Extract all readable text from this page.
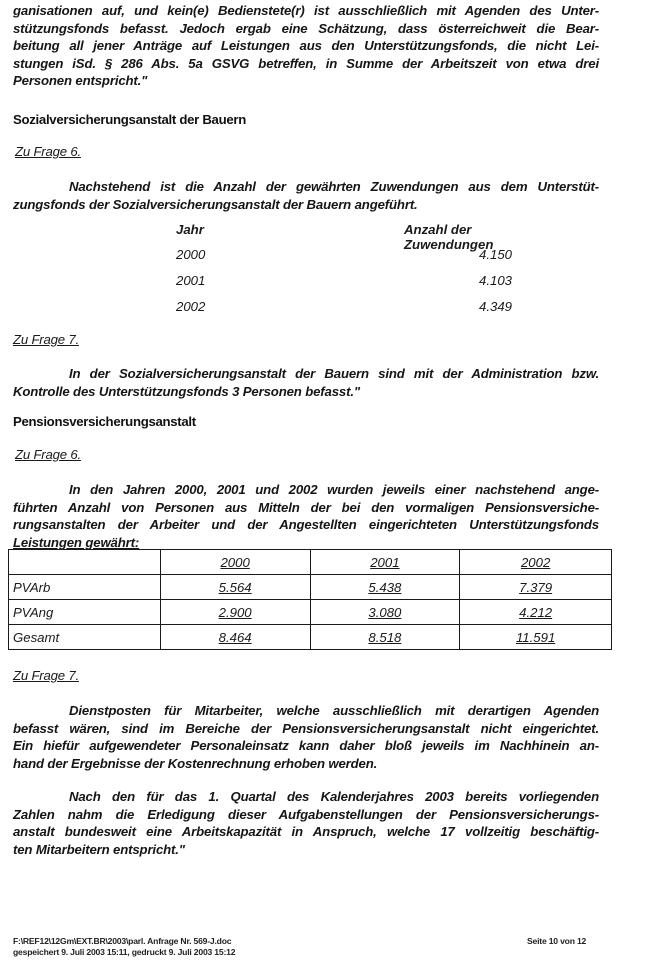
ganisationen auf, und kein(e) Bedienstete(r) ist ausschließlich mit Agenden des Unter-
stützungsfonds befasst. Jedoch ergab eine Schätzung, dass österreichweit die Bear-
beitung all jener Anträge auf Leistungen aus den Unterstützungsfonds, die nicht Lei-
stungen iSd. § 286 Abs. 5a GSVG betreffen, in Summe der Arbeitszeit von etwa drei
Personen entspricht."
Sozialversicherungsanstalt der Bauern
Zu Frage 6.
Nachstehend ist die Anzahl der gewährten Zuwendungen aus dem Unterstüt-
zungsfonds der Sozialversicherungsanstalt der Bauern angeführt.
Jahr	Anzahl der Zuwendungen
2000	4.150
2001	4.103
2002	4.349
Zu Frage 7.
In der Sozialversicherungsanstalt der Bauern sind mit der Administration bzw.
Kontrolle des Unterstützungsfonds 3 Personen befasst."
Pensionsversicherungsanstalt
Zu Frage 6.
In den Jahren 2000, 2001 und 2002 wurden jeweils einer nachstehend ange-
führten Anzahl von Personen aus Mitteln der bei den vormaligen Pensionsversiche-
rungsanstalten der Arbeiter und der Angestellten eingerichteten Unterstützungsfonds
Leistungen gewährt:
	2000	2001	2002
PVArb	5.564	5.438	7.379
PVAng	2.900	3.080	4.212
Gesamt	8.464	8.518	11.591
Zu Frage 7.
Dienstposten für Mitarbeiter, welche ausschließlich mit derartigen Agenden
befasst wären, sind im Bereiche der Pensionsversicherungsanstalt nicht eingerichtet.
Ein hiefür aufgewendeter Personaleinsatz kann daher bloß jeweils im Nachhinein an-
hand der Ergebnisse der Kostenrechnung erhoben werden.
Nach den für das 1. Quartal des Kalenderjahres 2003 bereits vorliegenden
Zahlen nahm die Erledigung dieser Aufgabenstellungen der Pensionsversicherungs-
anstalt bundesweit eine Arbeitskapazität in Anspruch, welche 17 vollzeitig beschäftig-
ten Mitarbeitern entspricht."
F:\REF12\12Gm\EXT.BR\2003\parl. Anfrage Nr. 569-J.doc
gespeichert 9. Juli 2003 15:11, gedruckt 9. Juli 2003 15:12
Seite 10 von 12
